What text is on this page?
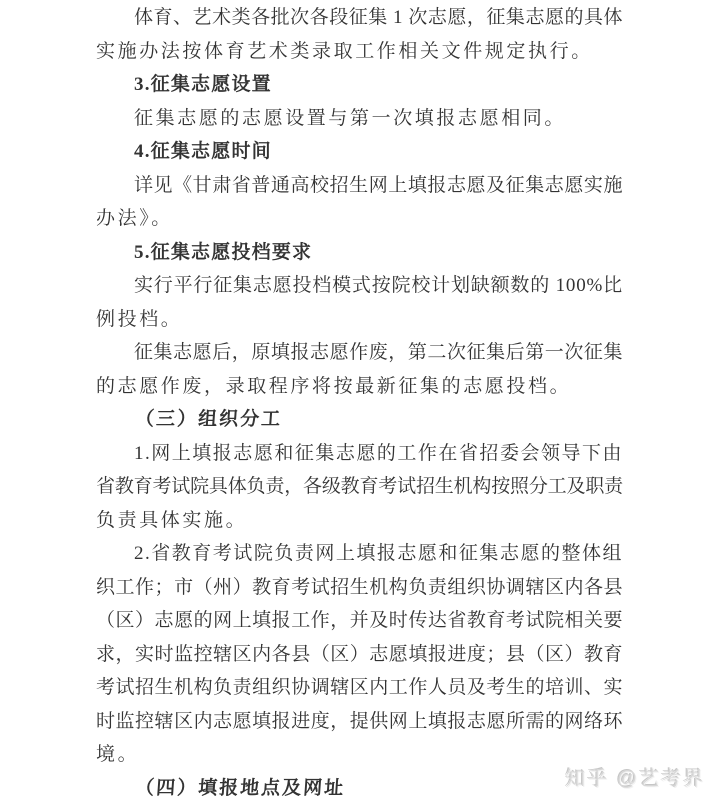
体育、艺术类各批次各段征集 1 次志愿，征集志愿的具体
实施办法按体育艺术类录取工作相关文件规定执行。
3.征集志愿设置
征集志愿的志愿设置与第一次填报志愿相同。
4.征集志愿时间
详见《甘肃省普通高校招生网上填报志愿及征集志愿实施
办法》。
5.征集志愿投档要求
实行平行征集志愿投档模式按院校计划缺额数的 100%比
例投档。
征集志愿后，原填报志愿作废，第二次征集后第一次征集
的志愿作废，录取程序将按最新征集的志愿投档。
（三）组织分工
1.网上填报志愿和征集志愿的工作在省招委会领导下由
省教育考试院具体负责，各级教育考试招生机构按照分工及职责
负责具体实施。
2.省教育考试院负责网上填报志愿和征集志愿的整体组
织工作；市（州）教育考试招生机构负责组织协调辖区内各县
（区）志愿的网上填报工作，并及时传达省教育考试院相关要
求，实时监控辖区内各县（区）志愿填报进度；县（区）教育
考试招生机构负责组织协调辖区内工作人员及考生的培训、实
时监控辖区内志愿填报进度，提供网上填报志愿所需的网络环
境。
（四）填报地点及网址	知乎 @艺考界
